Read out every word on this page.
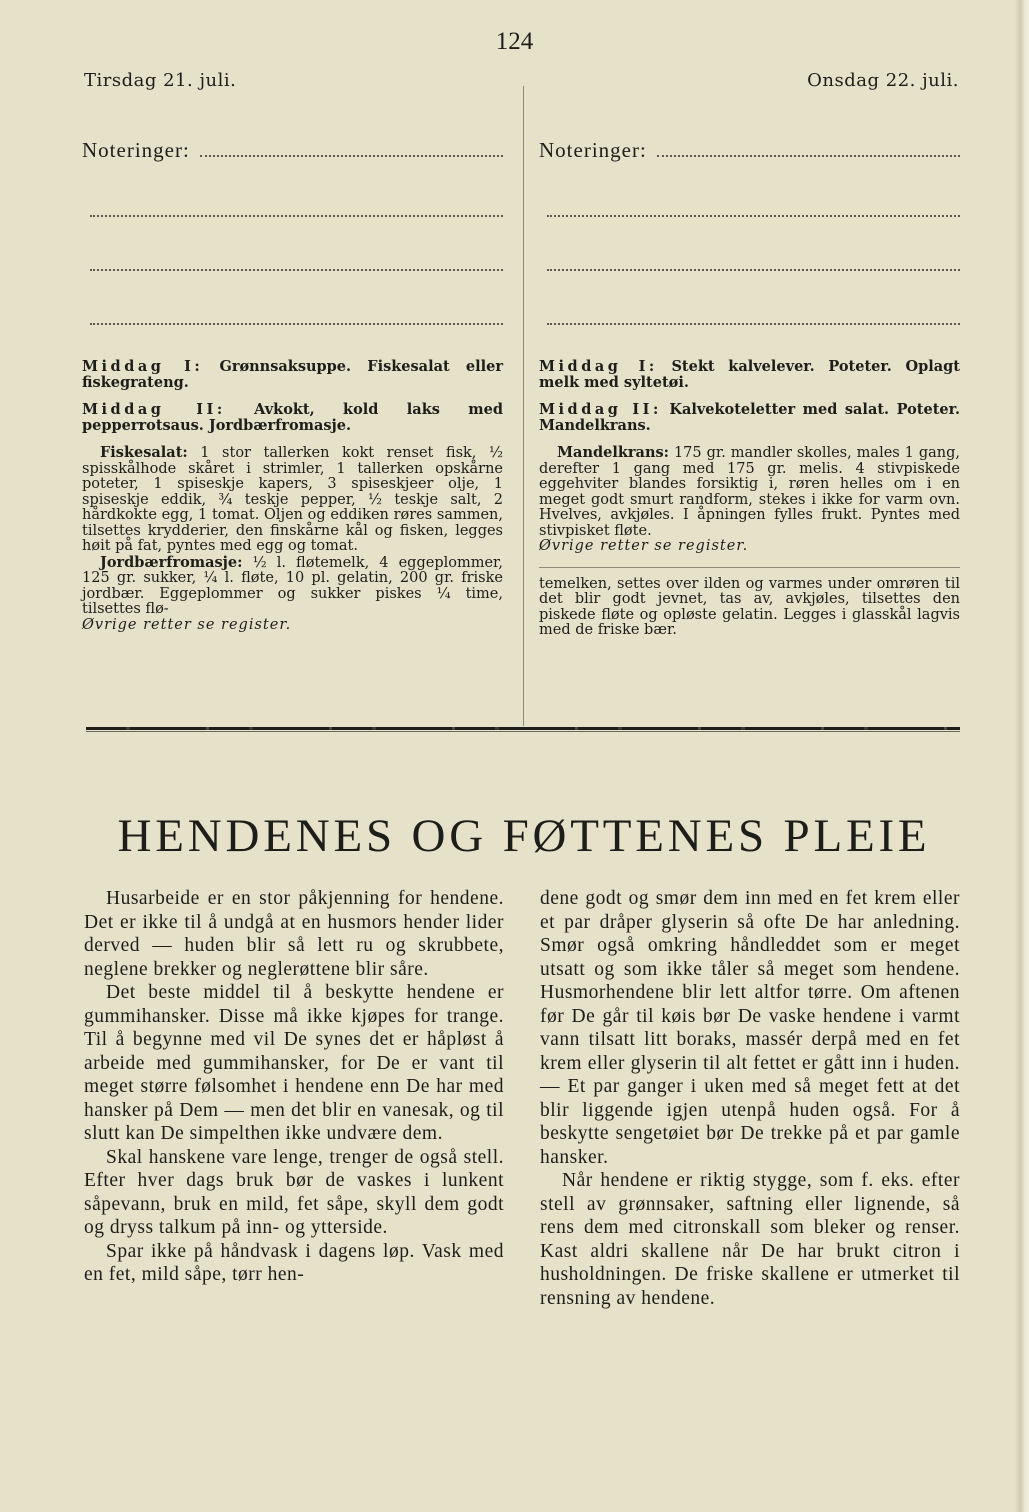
124
Tirsdag 21. juli.	Onsdag 22. juli.
Noteringer:	Noteringer:

Middag I: Grønnsaksuppe. Fiskesalat eller fiskegrateng.

Middag II: Avkokt, kold laks med pepperrotsaus. Jordbærfromasje.

Fiskesalat: 1 stor tallerken kokt renset fisk, ½ spisskålhode skåret i strimler, 1 tallerken opskårne poteter, 1 spiseskje kapers, 3 spiseskjeer olje, 1 spiseskje eddik, ¾ teskje pepper, ½ teskje salt, 2 hårdkokte egg, 1 tomat. Oljen og eddiken røres sammen, tilsettes krydderier, den finskårne kål og fisken, legges høit på fat, pyntes med egg og tomat.

Jordbærfromasje: ½ l. fløtemelk, 4 eggeplommer, 125 gr. sukker, ¼ l. fløte, 10 pl. gelatin, 200 gr. friske jordbær. Eggeplommer og sukker piskes ¼ time, tilsettes flø-

Øvrige retter se register.

Middag I: Stekt kalvelever. Poteter. Oplagt melk med syltetøi.

Middag II: Kalvekoteletter med salat. Poteter. Mandelkrans.

Mandelkrans: 175 gr. mandler skolles, males 1 gang, derefter 1 gang med 175 gr. melis. 4 stivpiskede eggehviter blandes forsiktig i, røren helles om i en meget godt smurt randform, stekes i ikke for varm ovn. Hvelves, avkjøles. I åpningen fylles frukt. Pyntes med stivpisket fløte.

Øvrige retter se register.

temelken, settes over ilden og varmes under omrøren til det blir godt jevnet, tas av, avkjøles, tilsettes den piskede fløte og opløste gelatin. Legges i glasskål lagvis med de friske bær.

HENDENES OG FØTTENES PLEIE

Husarbeide er en stor påkjenning for hendene. Det er ikke til å undgå at en husmors hender lider derved — huden blir så lett ru og skrubbete, neglene brekker og neglerøttene blir såre.

Det beste middel til å beskytte hendene er gummihansker. Disse må ikke kjøpes for trange. Til å begynne med vil De synes det er håpløst å arbeide med gummihansker, for De er vant til meget større følsomhet i hendene enn De har med hansker på Dem — men det blir en vanesak, og til slutt kan De simpelthen ikke undvære dem.

Skal hanskene vare lenge, trenger de også stell. Efter hver dags bruk bør de vaskes i lunkent såpevann, bruk en mild, fet såpe, skyll dem godt og dryss talkum på inn- og ytterside.

Spar ikke på håndvask i dagens løp. Vask med en fet, mild såpe, tørr hen-

dene godt og smør dem inn med en fet krem eller et par dråper glyserin så ofte De har anledning. Smør også omkring håndleddet som er meget utsatt og som ikke tåler så meget som hendene. Husmorhendene blir lett altfor tørre. Om aftenen før De går til køis bør De vaske hendene i varmt vann tilsatt litt boraks, massér derpå med en fet krem eller glyserin til alt fettet er gått inn i huden. — Et par ganger i uken med så meget fett at det blir liggende igjen utenpå huden også. For å beskytte sengetøiet bør De trekke på et par gamle hansker.

Når hendene er riktig stygge, som f. eks. efter stell av grønnsaker, saftning eller lignende, så rens dem med citronskall som bleker og renser. Kast aldri skallene når De har brukt citron i husholdningen. De friske skallene er utmerket til rensning av hendene.
